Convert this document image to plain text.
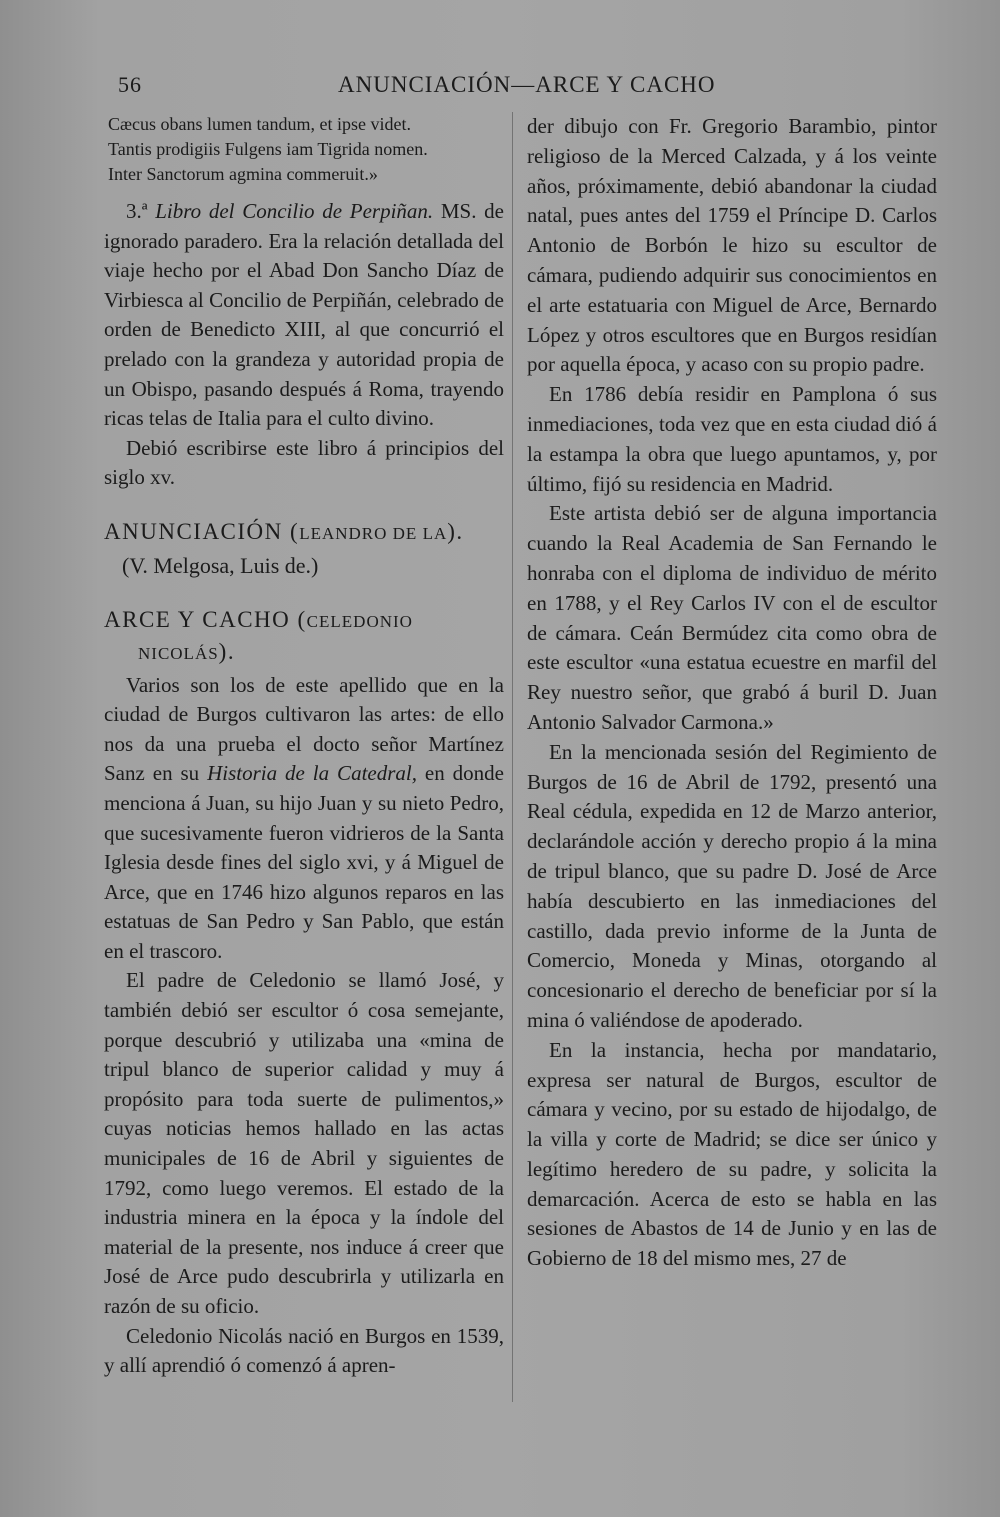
56	ANUNCIACIÓN—ARCE Y CACHO
Cæcus obans lumen tandum, et ipse videt.
Tantis prodigiis Fulgens iam Tigrida nomen.
Inter Sanctorum agmina commeruit.»

3.ª Libro del Concilio de Perpiñan. MS. de ignorado paradero. Era la relación detallada del viaje hecho por el Abad Don Sancho Díaz de Virbiesca al Concilio de Perpiñán, celebrado de orden de Benedicto XIII, al que concurrió el prelado con la grandeza y autoridad propia de un Obispo, pasando después á Roma, trayendo ricas telas de Italia para el culto divino.

Debió escribirse este libro á principios del siglo xv.

ANUNCIACIÓN (LEANDRO DE LA).

(V. Melgosa, Luis de.)

ARCE Y CACHO (CELEDONIO NICOLÁS).

Varios son los de este apellido que en la ciudad de Burgos cultivaron las artes: de ello nos da una prueba el docto señor Martínez Sanz en su Historia de la Catedral, en donde menciona á Juan, su hijo Juan y su nieto Pedro, que sucesivamente fueron vidrieros de la Santa Iglesia desde fines del siglo xvi, y á Miguel de Arce, que en 1746 hizo algunos reparos en las estatuas de San Pedro y San Pablo, que están en el trascoro.

El padre de Celedonio se llamó José, y también debió ser escultor ó cosa semejante, porque descubrió y utilizaba una «mina de tripul blanco de superior calidad y muy á propósito para toda suerte de pulimentos,» cuyas noticias hemos hallado en las actas municipales de 16 de Abril y siguientes de 1792, como luego veremos. El estado de la industria minera en la época y la índole del material de la presente, nos induce á creer que José de Arce pudo descubrirla y utilizarla en razón de su oficio.

Celedonio Nicolás nació en Burgos en 1539, y allí aprendió ó comenzó á apren-

der dibujo con Fr. Gregorio Barambio, pintor religioso de la Merced Calzada, y á los veinte años, próximamente, debió abandonar la ciudad natal, pues antes del 1759 el Príncipe D. Carlos Antonio de Borbón le hizo su escultor de cámara, pudiendo adquirir sus conocimientos en el arte estatuaria con Miguel de Arce, Bernardo López y otros escultores que en Burgos residían por aquella época, y acaso con su propio padre.

En 1786 debía residir en Pamplona ó sus inmediaciones, toda vez que en esta ciudad dió á la estampa la obra que luego apuntamos, y, por último, fijó su residencia en Madrid.

Este artista debió ser de alguna importancia cuando la Real Academia de San Fernando le honraba con el diploma de individuo de mérito en 1788, y el Rey Carlos IV con el de escultor de cámara. Ceán Bermúdez cita como obra de este escultor «una estatua ecuestre en marfil del Rey nuestro señor, que grabó á buril D. Juan Antonio Salvador Carmona.»

En la mencionada sesión del Regimiento de Burgos de 16 de Abril de 1792, presentó una Real cédula, expedida en 12 de Marzo anterior, declarándole acción y derecho propio á la mina de tripul blanco, que su padre D. José de Arce había descubierto en las inmediaciones del castillo, dada previo informe de la Junta de Comercio, Moneda y Minas, otorgando al concesionario el derecho de beneficiar por sí la mina ó valiéndose de apoderado.

En la instancia, hecha por mandatario, expresa ser natural de Burgos, escultor de cámara y vecino, por su estado de hijodalgo, de la villa y corte de Madrid; se dice ser único y legítimo heredero de su padre, y solicita la demarcación. Acerca de esto se habla en las sesiones de Abastos de 14 de Junio y en las de Gobierno de 18 del mismo mes, 27 de
